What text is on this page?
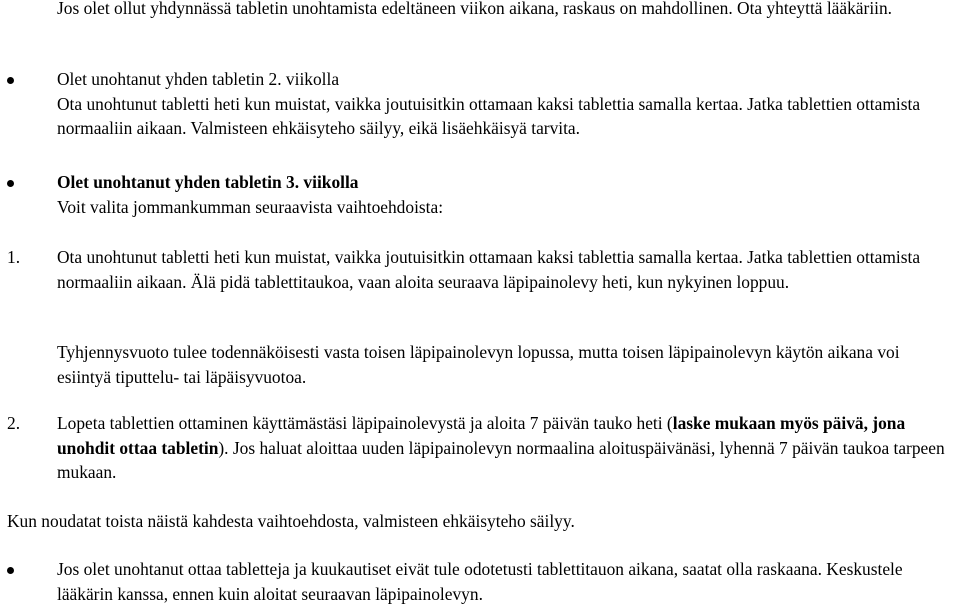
Jos olet ollut yhdynnässä tabletin unohtamista edeltäneen viikon aikana, raskaus on mahdollinen. Ota yhteyttä lääkäriin.

Olet unohtanut yhden tabletin 2. viikolla

Ota unohtunut tabletti heti kun muistat, vaikka joutuisitkin ottamaan kaksi tablettia samalla kertaa. Jatka tablettien ottamista normaaliin aikaan. Valmisteen ehkäisyteho säilyy, eikä lisäehkäisyä tarvita.

Olet unohtanut yhden tabletin 3. viikolla

Voit valita jommankumman seuraavista vaihtoehdoista:

1. Ota unohtunut tabletti heti kun muistat, vaikka joutuisitkin ottamaan kaksi tablettia samalla kertaa. Jatka tablettien ottamista normaaliin aikaan. Älä pidä tablettitaukoa, vaan aloita seuraava läpipainolevy heti, kun nykyinen loppuu.

Tyhjennysvuoto tulee todennäköisesti vasta toisen läpipainolevyn lopussa, mutta toisen läpipainolevyn käytön aikana voi esiintyä tiputtelu- tai läpäisyvuotoa.

2. Lopeta tablettien ottaminen käyttämästäsi läpipainolevystä ja aloita 7 päivän tauko heti (laske mukaan myös päivä, jona unohdit ottaa tabletin). Jos haluat aloittaa uuden läpipainolevyn normaalina aloituspäivänäsi, lyhennä 7 päivän taukoa tarpeen mukaan.

Kun noudatat toista näistä kahdesta vaihtoehdosta, valmisteen ehkäisyteho säilyy.

Jos olet unohtanut ottaa tabletteja ja kuukautiset eivät tule odotetusti tablettitauon aikana, saatat olla raskaana. Keskustele lääkärin kanssa, ennen kuin aloitat seuraavan läpipainolevyn.
